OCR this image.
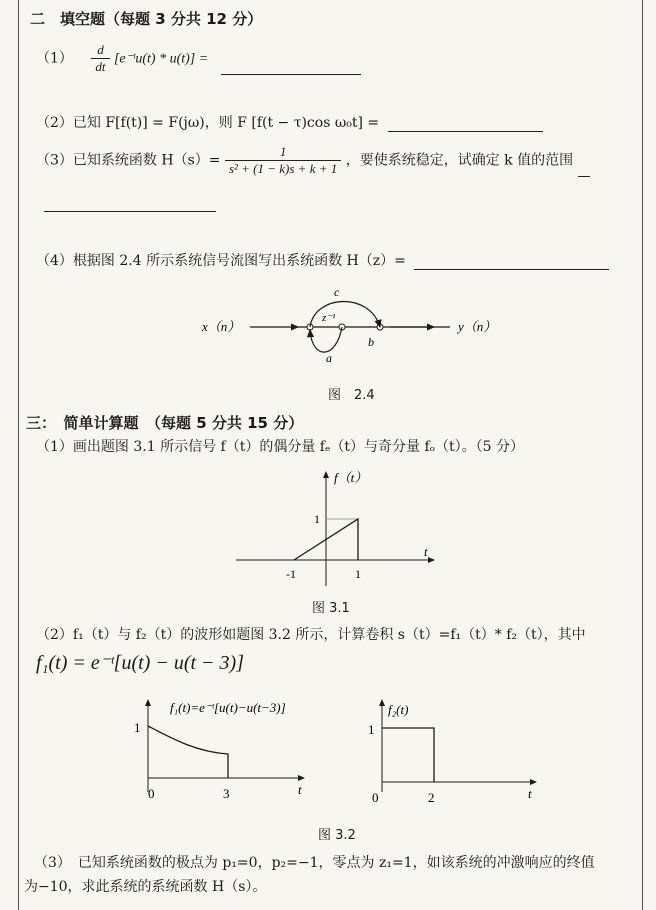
二　填空题（每题 3 分共 12 分）
$(1) \frac{d}{dt}$ [e⁻ᵗu(t) * u(t)] =
（2）已知 F[f(t)] = F(jω)，则 F [f(t − τ)cos ω₀t] =
（3）已知系统函数 $H(s)= \frac{1}{\text{s² + (1 − k)s + k + 1}}$ ，要使系统稳定，试确定 k 值的范围
（4）根据图 2.4 所示系统信号流图写出系统函数 H（z）=
x（n）
c
z⁻¹
a
b
y（n）
图　2.4
三：　简单计算题　（每题 5 分共 15 分）
（1）画出题图 3.1 所示信号 f（t）的偶分量 fₑ（t）与奇分量 fₒ（t）。（5 分）
f（t）
t
1
-1	1
图 3.1
（2）f₁（t）与 f₂（t）的波形如题图 3.2 所示，计算卷积 s（t）=f₁（t）* f₂（t），其中
f₁(t) = e⁻ᵗ[u(t) − u(t − 3)]
f₁(t)=e⁻ᵗ[u(t)−u(t−3)]
1
0	3	t
f₂(t)
1
0	2	t
图 3.2
（3）　已知系统函数的极点为 p₁=0，p₂=−1，零点为 z₁=1，如该系统的冲激响应的终值
为−10，求此系统的系统函数 H（s）。
